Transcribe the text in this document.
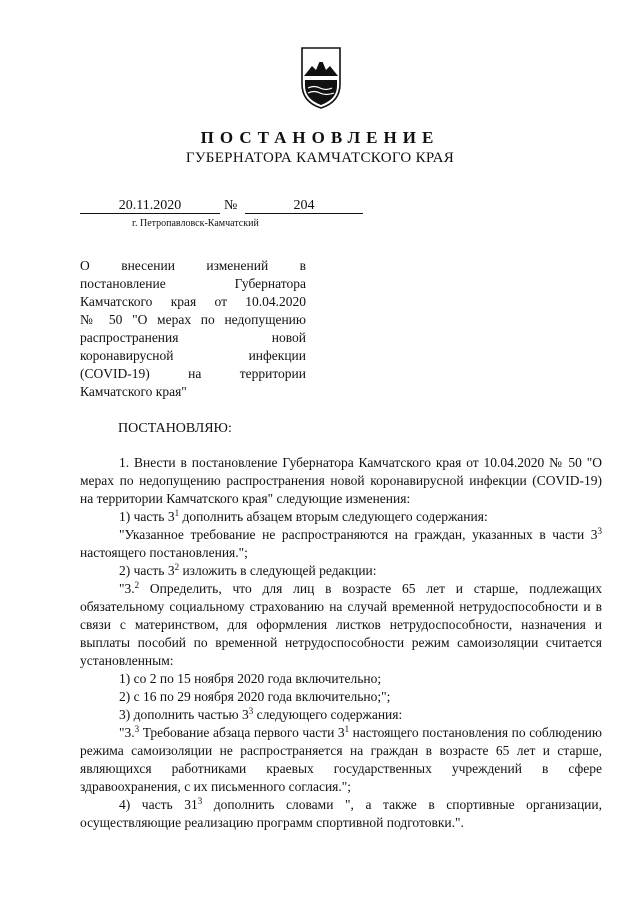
ПОСТАНОВЛЕНИЕ
ГУБЕРНАТОРА КАМЧАТСКОГО КРАЯ
20.11.2020	№	204
г. Петропавловск-Камчатский
О внесении изменений в
постановление Губернатора
Камчатского края от 10.04.2020
№ 50 "О мерах по недопущению
распространения новой
коронавирусной инфекции
(COVID-19) на территории
Камчатского края"
ПОСТАНОВЛЯЮ:

1. Внести в постановление Губернатора Камчатского края от 10.04.2020 № 50 "О мерах по недопущению распространения новой коронавирусной инфекции (COVID-19) на территории Камчатского края" следующие изменения:

1) часть $3^1$ дополнить абзацем вторым следующего содержания:

"Указанное требование не распространяются на граждан, указанных в части $3^3$ настоящего постановления.";

2) часть $3^2$ изложить в следующей редакции:

"3.$^2$ Определить, что для лиц в возрасте 65 лет и старше, подлежащих обязательному социальному страхованию на случай временной нетрудоспособности и в связи с материнством, для оформления листков нетрудоспособности, назначения и выплаты пособий по временной нетрудоспособности режим самоизоляции считается установленным:

1) со 2 по 15 ноября 2020 года включительно;

2) с 16 по 29 ноября 2020 года включительно;";

3) дополнить частью $3^3$ следующего содержания:

"3.$^3$ Требование абзаца первого части $3^1$ настоящего постановления по соблюдению режима самоизоляции не распространяется на граждан в возрасте 65 лет и старше, являющихся работниками краевых государственных учреждений в сфере здравоохранения, с их письменного согласия.";

4) часть $31^3$ дополнить словами ", а также в спортивные организации, осуществляющие реализацию программ спортивной подготовки.".
